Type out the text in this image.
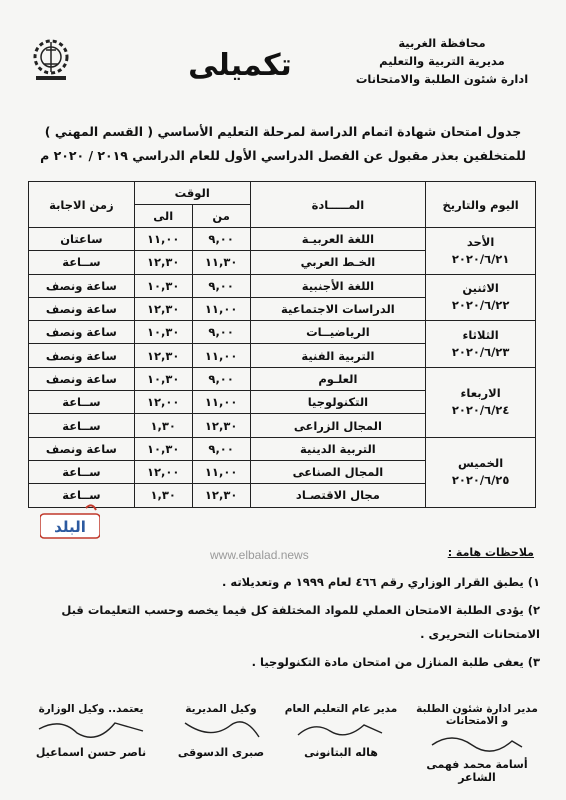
محافظة الغربية
مديرية التربية والتعليم
ادارة شئون الطلبة والامتحانات
تكميلى
جدول امتحان شهادة اتمام الدراسة لمرحلة التعليم الأساسي ( القسم المهني )
للمتخلفين بعذر مقبول عن الفصل الدراسي الأول للعام الدراسي ٢٠١٩ / ٢٠٢٠ م
اليوم والتاريخ	المـــــادة	الوقت		زمن الاجابة
		من	الى	

الأحد
٢٠٢٠/٦/٢١	اللغة العربيـة	٩,٠٠	١١,٠٠	ساعتان
	الخـط العربي	١١,٣٠	١٢,٣٠	ســاعة

الاثنين
٢٠٢٠/٦/٢٢	اللغة الأجنبية	٩,٠٠	١٠,٣٠	ساعة ونصف
	الدراسات الاجتماعية	١١,٠٠	١٢,٣٠	ساعة ونصف

الثلاثاء
٢٠٢٠/٦/٢٣	الرياضيــات	٩,٠٠	١٠,٣٠	ساعة ونصف
	التربية الفنية	١١,٠٠	١٢,٣٠	ساعة ونصف

الاربعاء
٢٠٢٠/٦/٢٤	العلـوم	٩,٠٠	١٠,٣٠	ساعة ونصف
	التكنولوجيا	١١,٠٠	١٢,٠٠	ســاعة
	المجال الزراعى	١٢,٣٠	١,٣٠	ســاعة

الخميس
٢٠٢٠/٦/٢٥	التربية الدينية	٩,٠٠	١٠,٣٠	ساعة ونصف
	المجال الصناعى	١١,٠٠	١٢,٠٠	ســاعة
	مجال الاقتصـاد	١٢,٣٠	١,٣٠	ســاعة
البلد
www.elbalad.news	ملاحظات هامة :
١) يطبق القرار الوزاري رقم ٤٦٦ لعام ١٩٩٩ م وتعديلاته .
٢) يؤدى الطلبة الامتحان العملي للمواد المختلفة كل فيما يخصه وحسب التعليمات قبل
الامتحانات التحريرى .
٣) يعفى طلبة المنازل من امتحان مادة التكنولوجيا .
مدير ادارة شئون الطلبة و الامتحانات
أسامة محمد فهمى الشاعر
مدير عام التعليم العام
هاله البتانونى
وكيل المديرية
صبرى الدسوقى
يعتمد.. وكيل الوزارة
ناصر حسن اسماعيل
